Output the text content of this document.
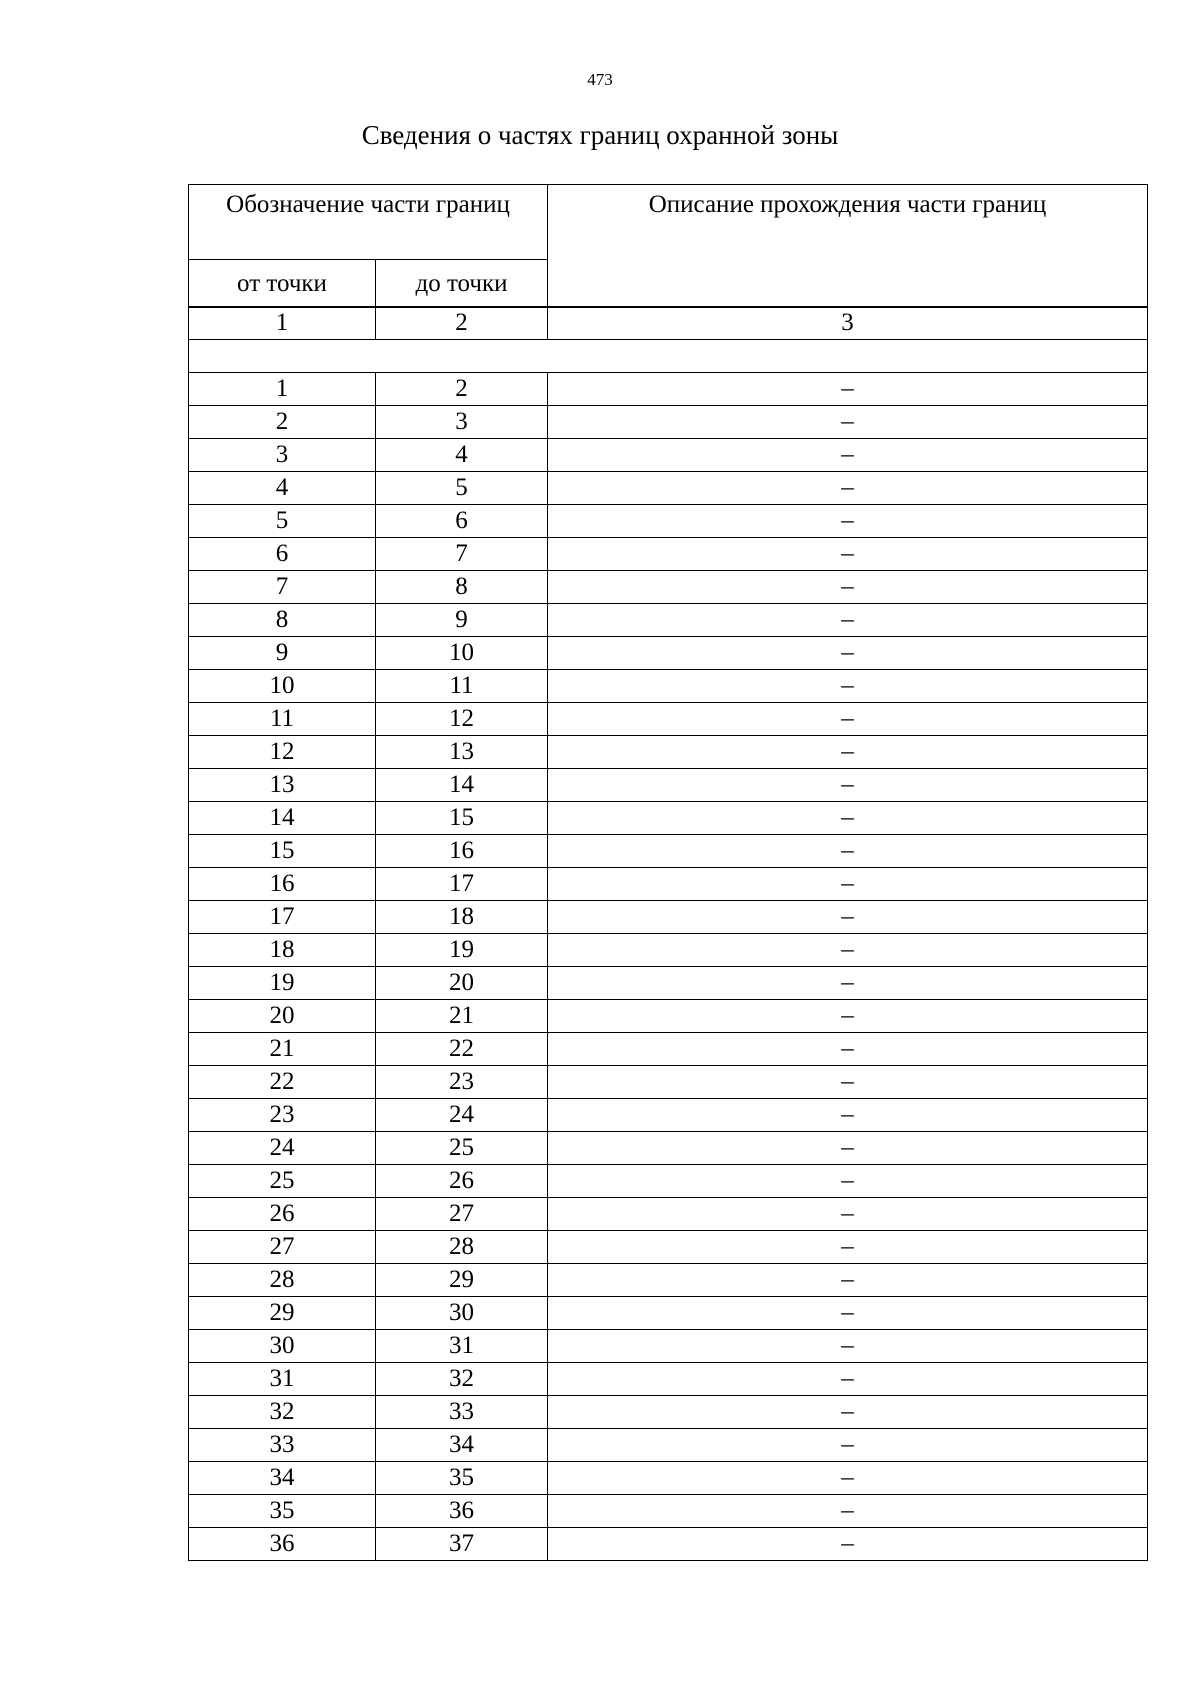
473
Сведения о частях границ охранной зоны
Обозначение части границ		Описание прохождения части границ
от точки	до точки	
1	2	3

1	2	–
2	3	–
3	4	–
4	5	–
5	6	–
6	7	–
7	8	–
8	9	–
9	10	–
10	11	–
11	12	–
12	13	–
13	14	–
14	15	–
15	16	–
16	17	–
17	18	–
18	19	–
19	20	–
20	21	–
21	22	–
22	23	–
23	24	–
24	25	–
25	26	–
26	27	–
27	28	–
28	29	–
29	30	–
30	31	–
31	32	–
32	33	–
33	34	–
34	35	–
35	36	–
36	37	–
